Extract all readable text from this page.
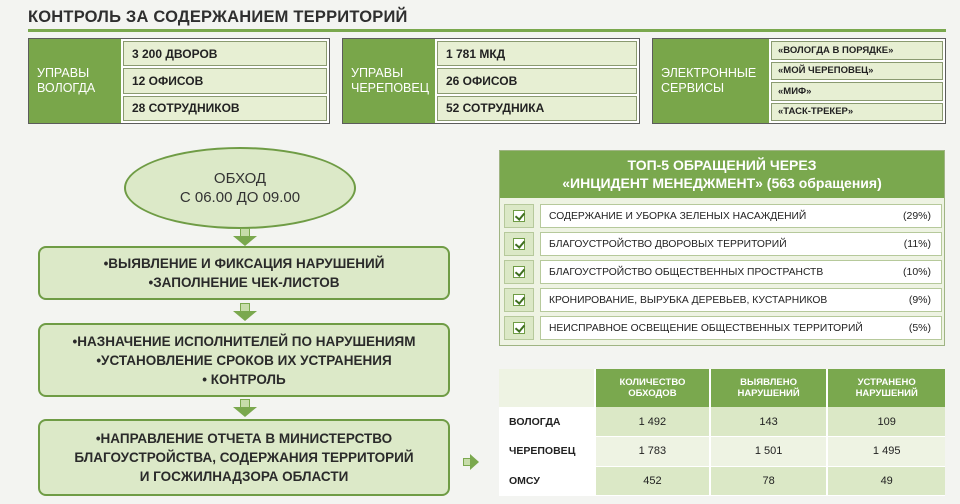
КОНТРОЛЬ ЗА СОДЕРЖАНИЕМ ТЕРРИТОРИЙ
УПРАВЫ ВОЛОГДА
3 200 ДВОРОВ
12 ОФИСОВ
28 СОТРУДНИКОВ
УПРАВЫ ЧЕРЕПОВЕЦ
1 781 МКД
26 ОФИСОВ
52 СОТРУДНИКА
ЭЛЕКТРОННЫЕ СЕРВИСЫ
«ВОЛОГДА В ПОРЯДКЕ»
«МОЙ ЧЕРЕПОВЕЦ»
«МИФ»
«ТАСК-ТРЕКЕР»
ОБХОД
С 06.00 ДО 09.00
•ВЫЯВЛЕНИЕ И ФИКСАЦИЯ НАРУШЕНИЙ
•ЗАПОЛНЕНИЕ ЧЕК-ЛИСТОВ
•НАЗНАЧЕНИЕ ИСПОЛНИТЕЛЕЙ ПО НАРУШЕНИЯМ
•УСТАНОВЛЕНИЕ СРОКОВ ИХ УСТРАНЕНИЯ
• КОНТРОЛЬ
•НАПРАВЛЕНИЕ ОТЧЕТА В МИНИСТЕРСТВО
БЛАГОУСТРОЙСТВА, СОДЕРЖАНИЯ ТЕРРИТОРИЙ
И ГОСЖИЛНАДЗОРА ОБЛАСТИ
ТОП-5 ОБРАЩЕНИЙ ЧЕРЕЗ
«ИНЦИДЕНТ МЕНЕДЖМЕНТ» (563 обращения)
СОДЕРЖАНИЕ И УБОРКА ЗЕЛЕНЫХ НАСАЖДЕНИЙ	(29%)
БЛАГОУСТРОЙСТВО ДВОРОВЫХ ТЕРРИТОРИЙ	(11%)
БЛАГОУСТРОЙСТВО ОБЩЕСТВЕННЫХ ПРОСТРАНСТВ	(10%)
КРОНИРОВАНИЕ, ВЫРУБКА ДЕРЕВЬЕВ, КУСТАРНИКОВ	(9%)
НЕИСПРАВНОЕ ОСВЕЩЕНИЕ ОБЩЕСТВЕННЫХ ТЕРРИТОРИЙ	(5%)
	КОЛИЧЕСТВО ОБХОДОВ	ВЫЯВЛЕНО НАРУШЕНИЙ	УСТРАНЕНО НАРУШЕНИЙ
ВОЛОГДА	1 492	143	109
ЧЕРЕПОВЕЦ	1 783	1 501	1 495
ОМСУ	452	78	49
